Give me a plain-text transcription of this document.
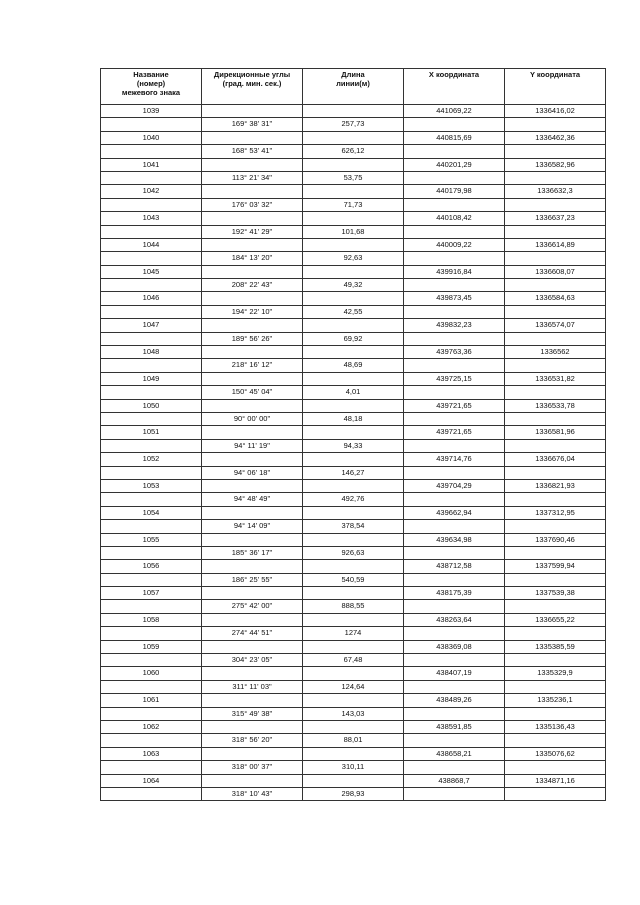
Название
(номер)
межевого знака	Дирекционные углы
(град. мин. сек.)	Длина
линии(м)	X координата	Y координата
1039			441069,22	1336416,02
	169° 38' 31"	257,73		
1040			440815,69	1336462,36
	168° 53' 41"	626,12		
1041			440201,29	1336582,96
	113° 21' 34"	53,75		
1042			440179,98	1336632,3
	176° 03' 32"	71,73		
1043			440108,42	1336637,23
	192° 41' 29"	101,68		
1044			440009,22	1336614,89
	184° 13' 20"	92,63		
1045			439916,84	1336608,07
	208° 22' 43"	49,32		
1046			439873,45	1336584,63
	194° 22' 10"	42,55		
1047			439832,23	1336574,07
	189° 56' 26"	69,92		
1048			439763,36	1336562
	218° 16' 12"	48,69		
1049			439725,15	1336531,82
	150° 45' 04"	4,01		
1050			439721,65	1336533,78
	90° 00' 00"	48,18		
1051			439721,65	1336581,96
	94° 11' 19"	94,33		
1052			439714,76	1336676,04
	94° 06' 18"	146,27		
1053			439704,29	1336821,93
	94° 48' 49"	492,76		
1054			439662,94	1337312,95
	94° 14' 09"	378,54		
1055			439634,98	1337690,46
	185° 36' 17"	926,63		
1056			438712,58	1337599,94
	186° 25' 55"	540,59		
1057			438175,39	1337539,38
	275° 42' 00"	888,55		
1058			438263,64	1336655,22
	274° 44' 51"	1274		
1059			438369,08	1335385,59
	304° 23' 05"	67,48		
1060			438407,19	1335329,9
	311° 11' 03"	124,64		
1061			438489,26	1335236,1
	315° 49' 38"	143,03		
1062			438591,85	1335136,43
	318° 56' 20"	88,01		
1063			438658,21	1335076,62
	318° 00' 37"	310,11		
1064			438868,7	1334871,16
	318° 10' 43"	298,93		
